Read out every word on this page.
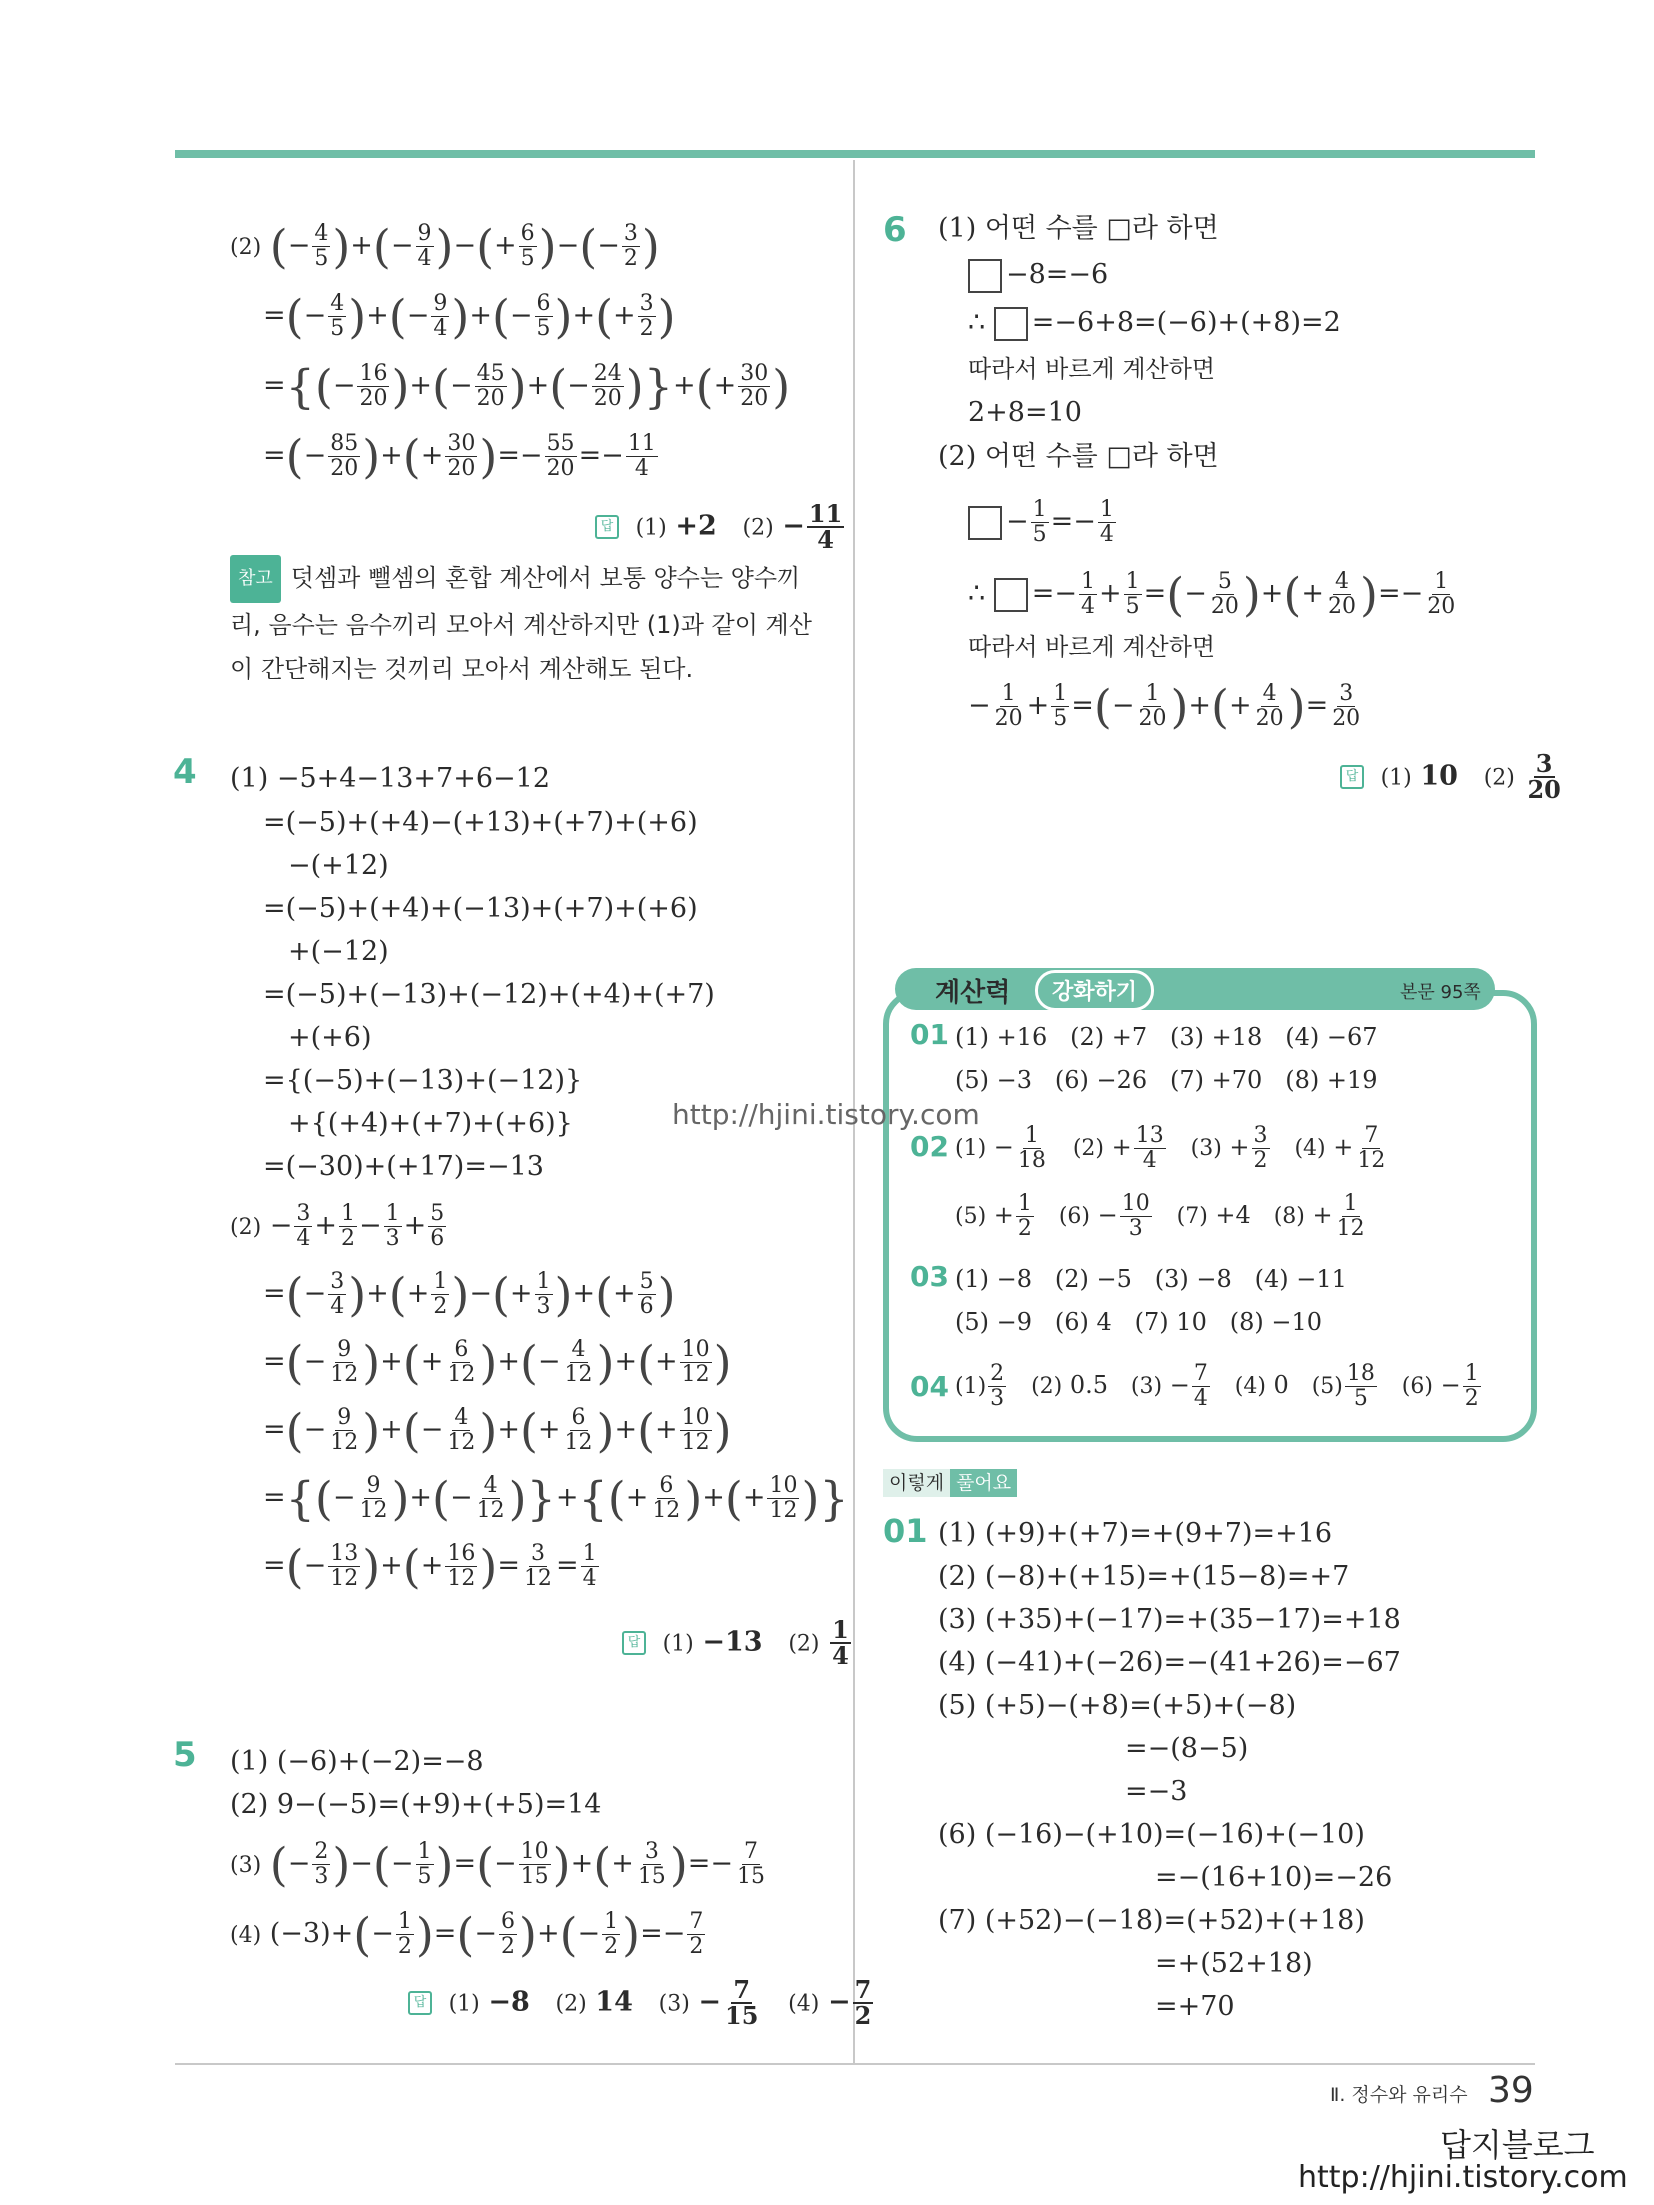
(2) (− $\frac{4}{5}$ )+(− $\frac{9}{4}$ )−(+ $\frac{6}{5}$ )−(− $\frac{3}{2}$ )
=(− $\frac{4}{5}$ )+(− $\frac{9}{4}$ )+(− $\frac{6}{5}$ )+(+ $\frac{3}{2}$ )
={(− $\frac{16}{20}$ )+(− $\frac{45}{20}$ )+(− $\frac{24}{20}$ )}+(+ $\frac{30}{20}$ )
=(− $\frac{85}{20}$ )+(+ $\frac{30}{20}$ )=− $\frac{55}{20} =- \frac{11}{4}$
답 (1) +2 $(2) - \frac{11}{4}$
참고 덧셈과 뺄셈의 혼합 계산에서 보통 양수는 양수끼리, 음수는 음수끼리 모아서 계산하지만 (1)과 같이 계산이 간단해지는 것끼리 모아서 계산해도 된다.
4 (1) −5+4−13+7+6−12
=(−5)+(+4)−(+13)+(+7)+(+6)
−(+12)
=(−5)+(+4)+(−13)+(+7)+(+6)
+(−12)
=(−5)+(−13)+(−12)+(+4)+(+7)
+(+6)
={(−5)+(−13)+(−12)}
+{(+4)+(+7)+(+6)}
=(−30)+(+17)=−13
$(2) - \frac{3}{4} + \frac{1}{2} - \frac{1}{3} + \frac{5}{6}$
=(− $\frac{3}{4}$ )+(+ $\frac{1}{2}$ )−(+ $\frac{1}{3}$ )+(+ $\frac{5}{6}$ )
=(− $\frac{9}{12}$ )+(+ $\frac{6}{12}$ )+(− $\frac{4}{12}$ )+(+ $\frac{10}{12}$ )
=(− $\frac{9}{12}$ )+(− $\frac{4}{12}$ )+(+ $\frac{6}{12}$ )+(+ $\frac{10}{12}$ )
={(− $\frac{9}{12}$ )+(− $\frac{4}{12}$ )}+{(+ $\frac{6}{12}$ )+(+ $\frac{10}{12}$ )}
=(− $\frac{13}{12}$ )+(+ $\frac{16}{12}$ )= $\frac{3}{12} = \frac{1}{4}$
답 (1) −13 $(2) \frac{1}{4}$
5 (1) (−6)+(−2)=−8
(2) 9−(−5)=(+9)+(+5)=14
(3) (− $\frac{2}{3}$ )−(− $\frac{1}{5}$ )=(− $\frac{10}{15}$ )+(+ $\frac{3}{15}$ )=− $\frac{7}{15}$
(4) $(-3)+(- \frac{1}{2}$ )=(− $\frac{6}{2}$ )+(− $\frac{1}{2}$ )=− $\frac{7}{2}$
답 (1) −8 (2) 14 $(3) - \frac{7}{15} (4) - \frac{7}{2}$
6 (1) 어떤 수를 □라 하면
−8=−6
∴ =−6+8=(−6)+(+8)=2
따라서 바르게 계산하면
2+8=10
(2) 어떤 수를 □라 하면
− $\frac{1}{5} =- \frac{1}{4}$
∴ =− $\frac{1}{4} + \frac{1}{5}$ =(− $\frac{5}{20}$ )+(+ $\frac{4}{20}$ )=− $\frac{1}{20}$
따라서 바르게 계산하면
− $\frac{1}{20} + \frac{1}{5}$ =(− $\frac{1}{20}$ )+(+ $\frac{4}{20}$ )= $\frac{3}{20}$
답 (1) 10 $(2) \frac{3}{20}$
계산력	강화하기	본문 95쪽
01 (1) +16   (2) +7   (3) +18   (4) −67
(5) −3   (6) −26   (7) +70   (8) +19
02 $(1) - \frac{1}{18} (2) + \frac{13}{4} (3) + \frac{3}{2} (4) + \frac{7}{12}$
$(5) + \frac{1}{2} (6) - \frac{10}{3} (7) +4$   $(8) + \frac{1}{12}$
03 (1) −8   (2) −5   (3) −8   (4) −11
(5) −9   (6) 4   (7) 10   (8) −10
04 $(1) \frac{2}{3} (2)$ 0.5   $(3) - \frac{7}{4} (4)$ 0   $(5) \frac{18}{5} (6) - \frac{1}{2}$
이렇게 풀어요
01 (1) (+9)+(+7)=+(9+7)=+16
(2) (−8)+(+15)=+(15−8)=+7
(3) (+35)+(−17)=+(35−17)=+18
(4) (−41)+(−26)=−(41+26)=−67
(5) (+5)−(+8)=(+5)+(−8)
=−(8−5)
=−3
(6) (−16)−(+10)=(−16)+(−10)
=−(16+10)=−26
(7) (+52)−(−18)=(+52)+(+18)
=+(52+18)
=+70
Ⅱ. 정수와 유리수 39
http://hjini.tistory.com
답지블로그
http://hjini.tistory.com
